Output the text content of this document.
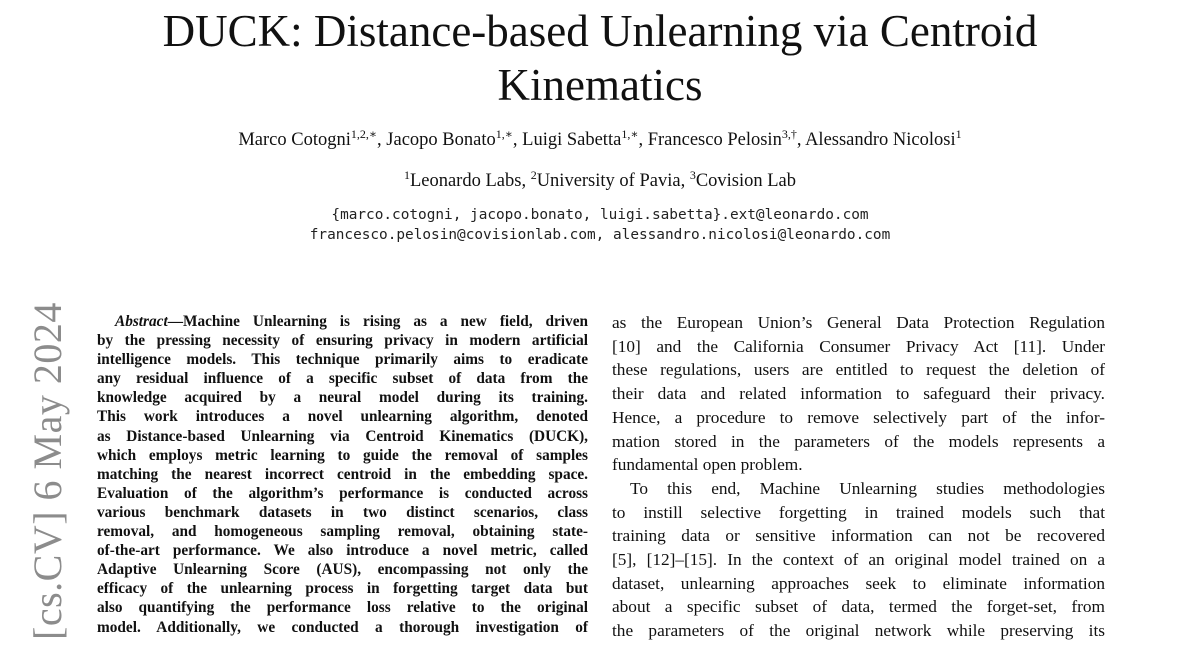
DUCK: Distance-based Unlearning via Centroid
Kinematics
Marco Cotogni$^{1,2,∗}$, Jacopo Bonato$^{1,∗}$, Luigi Sabetta$^{1,∗}$, Francesco Pelosin$^{3,\dagger}$, Alessandro Nicolosi$^1$
$^1$Leonardo Labs, $^2$University of Pavia, $^3$Covision Lab
{marco.cotogni, jacopo.bonato, luigi.sabetta}.ext@leonardo.com
francesco.pelosin@covisionlab.com, alessandro.nicolosi@leonardo.com
[cs.CV] 6 May 2024	Abstract—Machine Unlearning is rising as a new field, driven
by the pressing necessity of ensuring privacy in modern artificial
intelligence models. This technique primarily aims to eradicate
any residual influence of a specific subset of data from the
knowledge acquired by a neural model during its training.
This work introduces a novel unlearning algorithm, denoted
as Distance-based Unlearning via Centroid Kinematics (DUCK),
which employs metric learning to guide the removal of samples
matching the nearest incorrect centroid in the embedding space.
Evaluation of the algorithm’s performance is conducted across
various benchmark datasets in two distinct scenarios, class
removal, and homogeneous sampling removal, obtaining state-
of-the-art performance. We also introduce a novel metric, called
Adaptive Unlearning Score (AUS), encompassing not only the
efficacy of the unlearning process in forgetting target data but
also quantifying the performance loss relative to the original
model. Additionally, we conducted a thorough investigation of

as the European Union’s General Data Protection Regulation
[10] and the California Consumer Privacy Act [11]. Under
these regulations, users are entitled to request the deletion of
their data and related information to safeguard their privacy.
Hence, a procedure to remove selectively part of the infor-
mation stored in the parameters of the models represents a
fundamental open problem.

To this end, Machine Unlearning studies methodologies
to instill selective forgetting in trained models such that
training data or sensitive information can not be recovered
[5], [12]–[15]. In the context of an original model trained on a
dataset, unlearning approaches seek to eliminate information
about a specific subset of data, termed the forget-set, from
the parameters of the original network while preserving its
